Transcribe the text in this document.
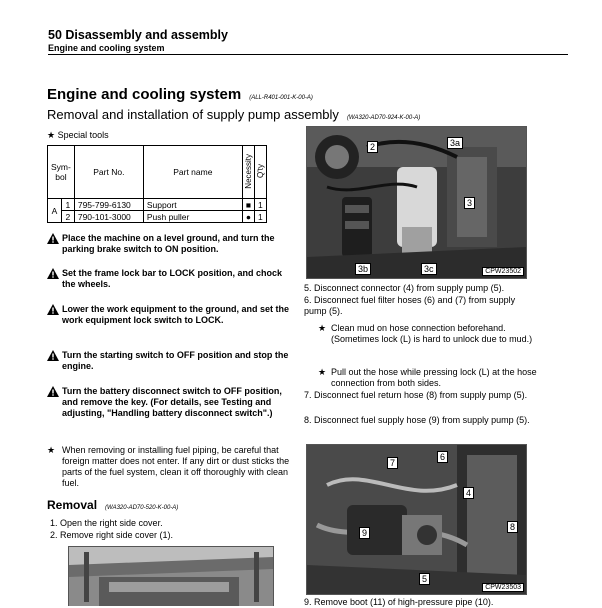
50 Disassembly and assembly
Engine and cooling system
Engine and cooling system (ALL-R401-001-K-00-A)
Removal and installation of supply pump assembly (WA320-AD70-924-K-00-A)
★ Special tools
Sym-bol		Part No.	Part name	Necessity	Q'ty
A	1	795-799-6130	Support	■	1
	2	790-101-3000	Push puller	●	1
Place the machine on a level ground, and turn the parking brake switch to ON position.
Set the frame lock bar to LOCK position, and chock the wheels.
Lower the work equipment to the ground, and set the work equipment lock switch to LOCK.
Turn the starting switch to OFF position and stop the engine.
Turn the battery disconnect switch to OFF position, and remove the key. (For details, see Testing and adjusting, "Handling battery disconnect switch".)
★ When removing or installing fuel piping, be careful that foreign matter does not enter. If any dirt or dust sticks the parts of the fuel system, clean it off thoroughly with clean fuel.
Removal (WA320-AD70-520-K-00-A)
1. Open the right side cover.
2. Remove right side cover (1).
2	3a
3
3b	3c	CPW23502
5. Disconnect connector (4) from supply pump (5).
6. Disconnect fuel filter hoses (6) and (7) from supply pump (5).
★ Clean mud on hose connection beforehand. (Sometimes lock (L) is hard to unlock due to mud.)
★ Pull out the hose while pressing lock (L) at the hose connection from both sides.
7. Disconnect fuel return hose (8) from supply pump (5).
8. Disconnect fuel supply hose (9) from supply pump (5).
7
6
4
9
8
5
CPW23503
9. Remove boot (11) of high-pressure pipe (10).
